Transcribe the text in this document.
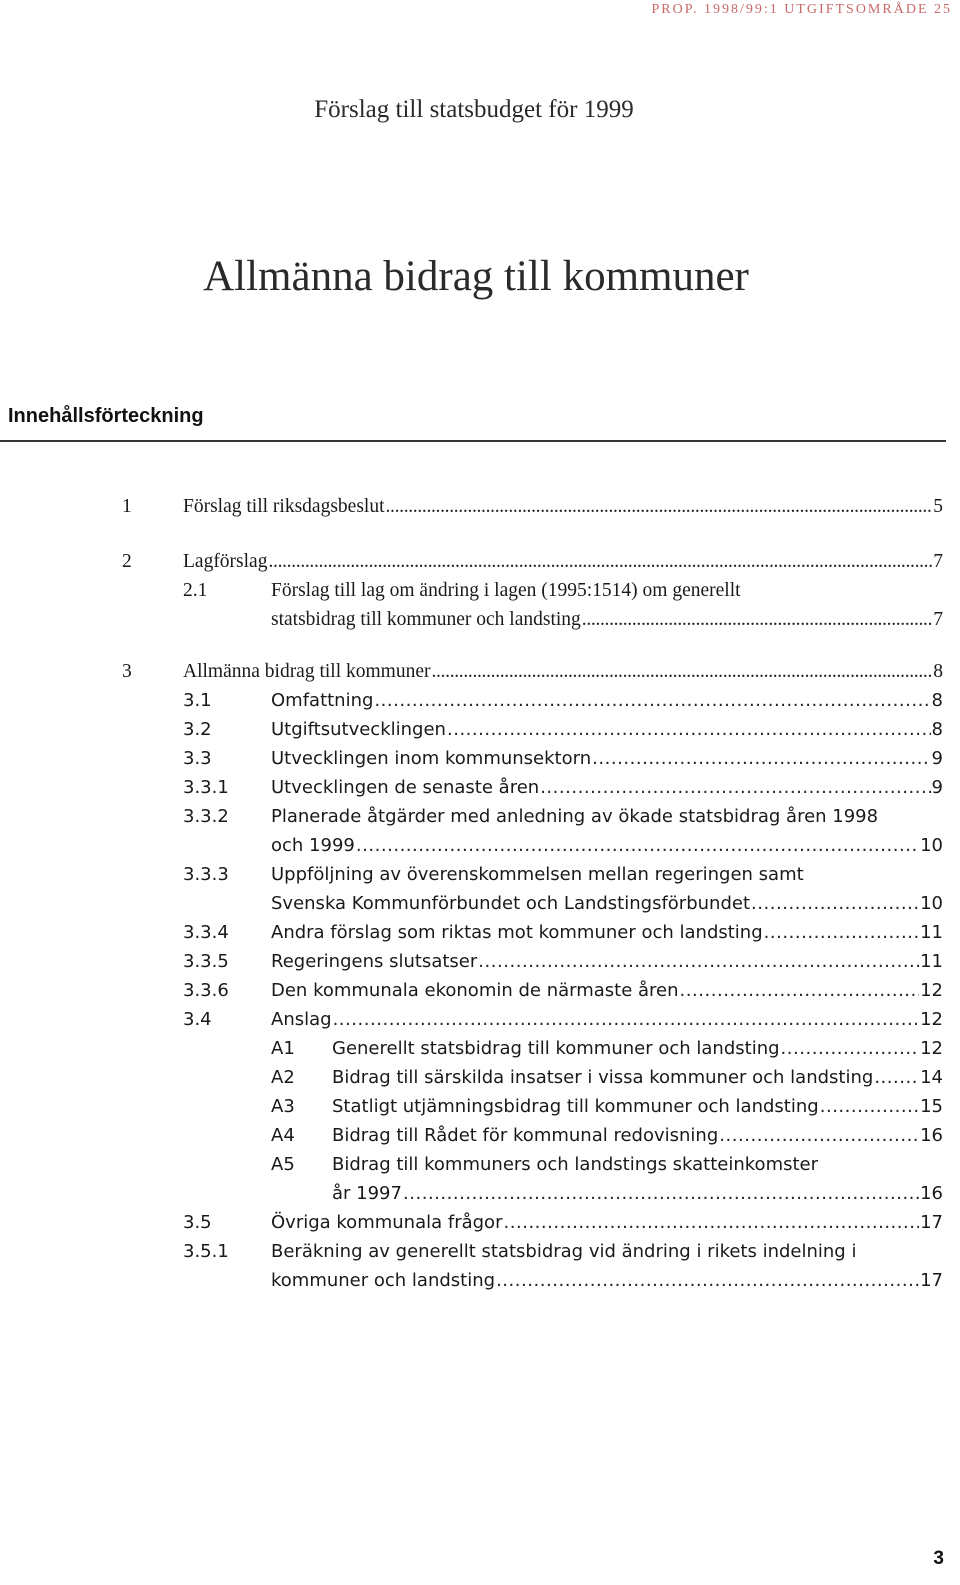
PROP. 1998/99:1 UTGIFTSOMRÅDE 25
Förslag till statsbudget för 1999
Allmänna bidrag till kommuner
Innehållsförteckning
1	Förslag till riksdagsbeslut . . .	5
2	Lagförslag . . .	7
2.1	Förslag till lag om ändring i lagen (1995:1514) om generellt
statsbidrag till kommuner och landsting . . .	7
3	Allmänna bidrag till kommuner . . .	8
3.1	Omfattning . . .	8
3.2	Utgiftsutvecklingen . . .	8
3.3	Utvecklingen inom kommunsektorn . . .	9
3.3.1 Utvecklingen de senaste åren . . .	9
3.3.2 Planerade åtgärder med anledning av ökade statsbidrag åren 1998
och 1999 . . .	10
3.3.3 Uppföljning av överenskommelsen mellan regeringen samt
Svenska Kommunförbundet och Landstingsförbundet . . .	10
3.3.4 Andra förslag som riktas mot kommuner och landsting . . .	11
3.3.5 Regeringens slutsatser . . .	11
3.3.6 Den kommunala ekonomin de närmaste åren . . .	12
3.4	Anslag . . .	12
A1 Generellt statsbidrag till kommuner och landsting . . .	12
A2 Bidrag till särskilda insatser i vissa kommuner och landsting . . .	14
A3 Statligt utjämningsbidrag till kommuner och landsting . . .	15
A4 Bidrag till Rådet för kommunal redovisning . . .	16
A5 Bidrag till kommuners och landstings skatteinkomster
år 1997 . . .	16
3.5	Övriga kommunala frågor . . .	17
3.5.1 Beräkning av generellt statsbidrag vid ändring i rikets indelning i
kommuner och landsting . . .	17
3
